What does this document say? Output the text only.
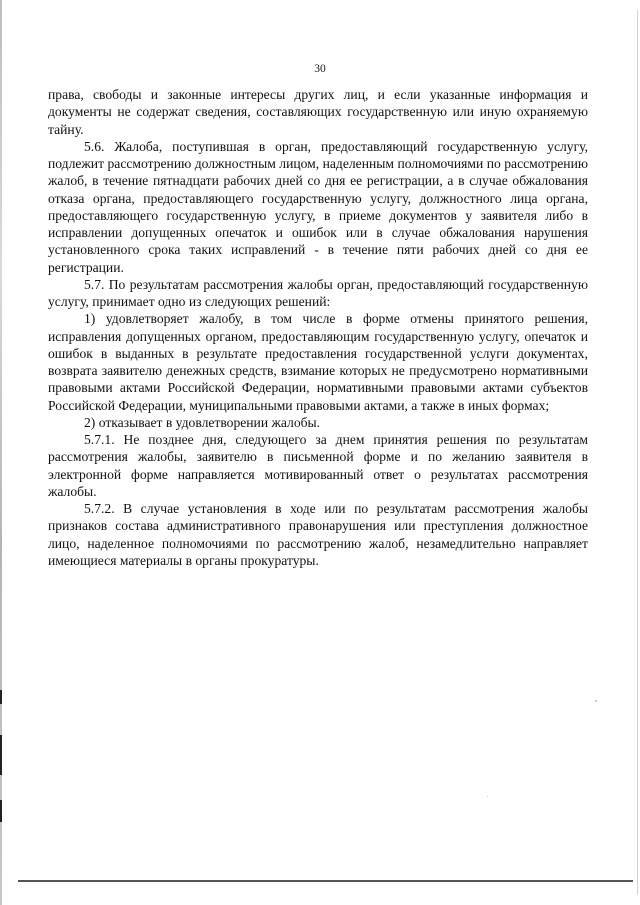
30

права, свободы и законные интересы других лиц, и если указанные информация и документы не содержат сведения, составляющих государственную или иную охраняемую тайну.

5.6. Жалоба, поступившая в орган, предоставляющий государственную услугу, подлежит рассмотрению должностным лицом, наделенным полномочиями по рассмотрению жалоб, в течение пятнадцати рабочих дней со дня ее регистрации, а в случае обжалования отказа органа, предоставляющего государственную услугу, должностного лица органа, предоставляющего государственную услугу, в приеме документов у заявителя либо в исправлении допущенных опечаток и ошибок или в случае обжалования нарушения установленного срока таких исправлений - в течение пяти рабочих дней со дня ее регистрации.

5.7. По результатам рассмотрения жалобы орган, предоставляющий государственную услугу, принимает одно из следующих решений:

1) удовлетворяет жалобу, в том числе в форме отмены принятого решения, исправления допущенных органом, предоставляющим государственную услугу, опечаток и ошибок в выданных в результате предоставления государственной услуги документах, возврата заявителю денежных средств, взимание которых не предусмотрено нормативными правовыми актами Российской Федерации, нормативными правовыми актами субъектов Российской Федерации, муниципальными правовыми актами, а также в иных формах;

2) отказывает в удовлетворении жалобы.

5.7.1. Не позднее дня, следующего за днем принятия решения по результатам рассмотрения жалобы, заявителю в письменной форме и по желанию заявителя в электронной форме направляется мотивированный ответ о результатах рассмотрения жалобы.

5.7.2. В случае установления в ходе или по результатам рассмотрения жалобы признаков состава административного правонарушения или преступления должностное лицо, наделенное полномочиями по рассмотрению жалоб, незамедлительно направляет имеющиеся материалы в органы прокуратуры.
